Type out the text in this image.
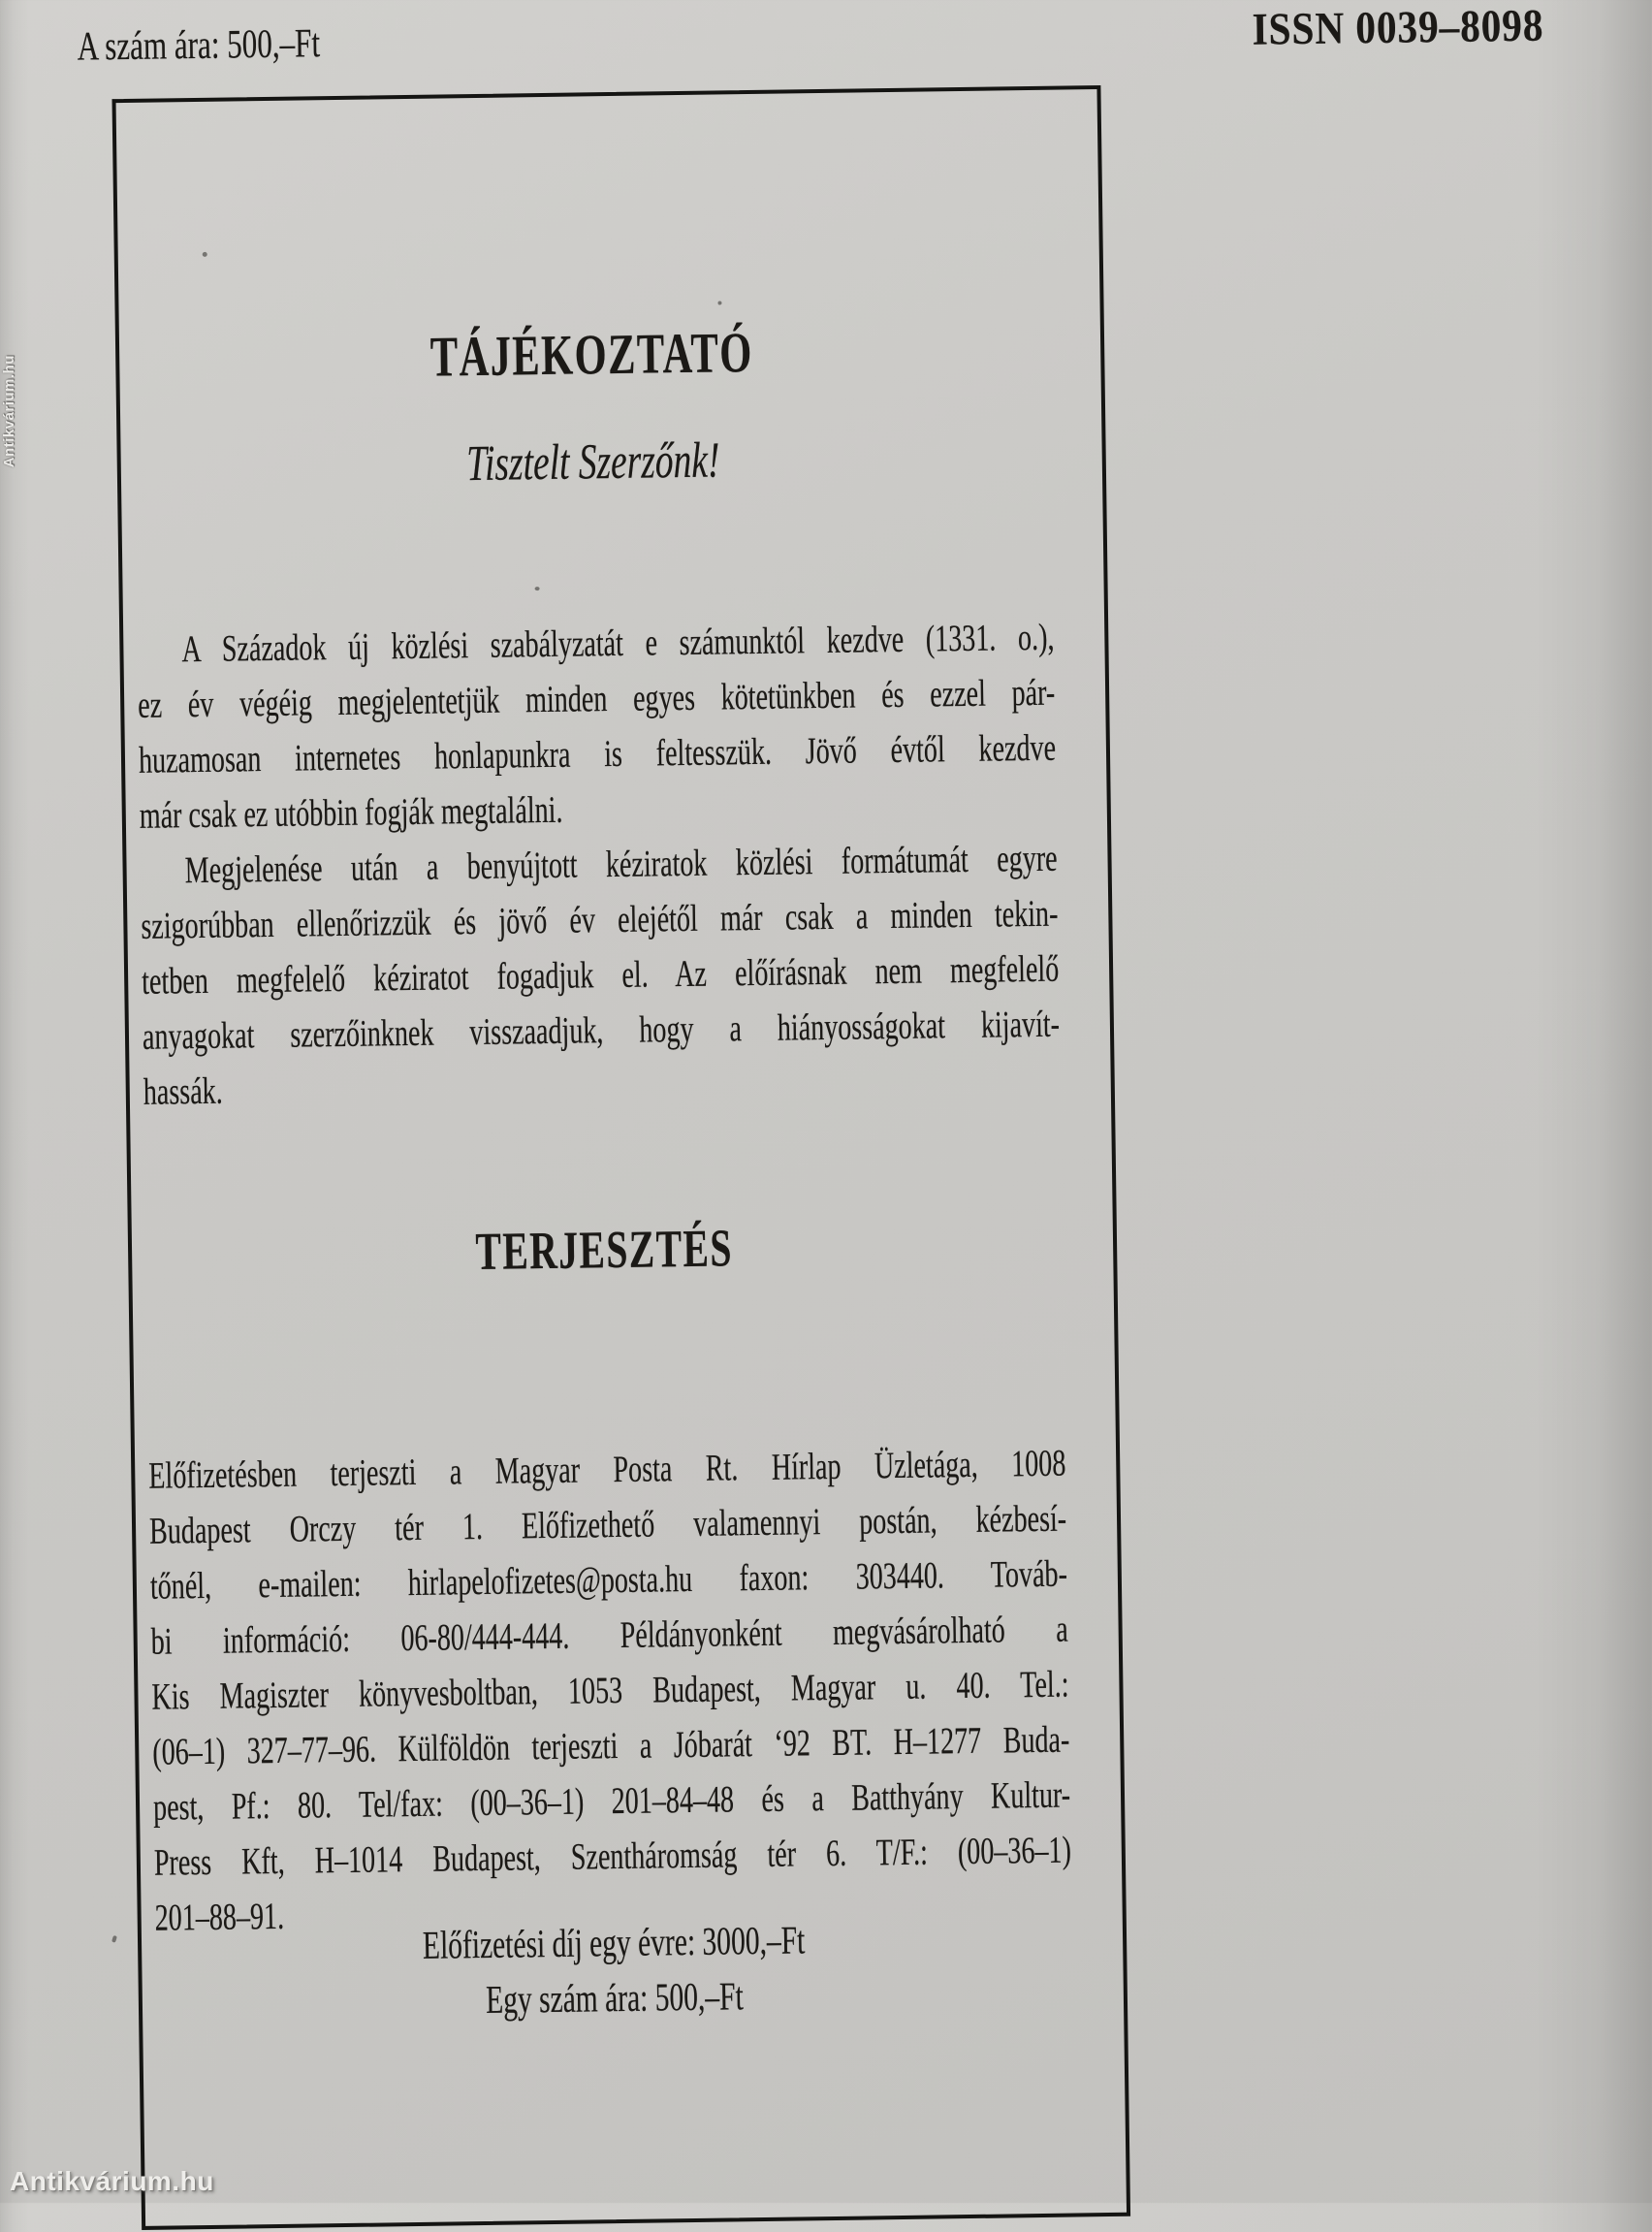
A szám ára: 500,–Ft	ISSN 0039–8098
TÁJÉKOZTATÓ
Tisztelt Szerzőnk!
A Századok új közlési szabályzatát e számunktól kezdve (1331. o.),
ez év végéig megjelentetjük minden egyes kötetünkben és ezzel pár-
huzamosan internetes honlapunkra is feltesszük. Jövő évtől kezdve
már csak ez utóbbin fogják megtalálni.
Megjelenése után a benyújtott kéziratok közlési formátumát egyre
szigorúbban ellenőrizzük és jövő év elejétől már csak a minden tekin-
tetben megfelelő kéziratot fogadjuk el. Az előírásnak nem megfelelő
anyagokat szerzőinknek visszaadjuk, hogy a hiányosságokat kijavít-
hassák.
TERJESZTÉS
Előfizetésben terjeszti a Magyar Posta Rt. Hírlap Üzletága, 1008
Budapest Orczy tér 1. Előfizethető valamennyi postán, kézbesí-
tőnél, e-mailen: hirlapelofizetes@posta.hu faxon: 303440. Továb-
bi információ: 06-80/444-444. Példányonként megvásárolható a
Kis Magiszter könyvesboltban, 1053 Budapest, Magyar u. 40. Tel.:
(06–1) 327–77–96. Külföldön terjeszti a Jóbarát ‘92 BT. H–1277 Buda-
pest, Pf.: 80. Tel/fax: (00–36–1) 201–84–48 és a Batthyány Kultur-
Press Kft, H–1014 Budapest, Szentháromság tér 6. T/F.: (00–36–1)
201–88–91.
Előfizetési díj egy évre: 3000,–Ft
Egy szám ára: 500,–Ft
Antikvárium.hu
Antikvárium.hu
